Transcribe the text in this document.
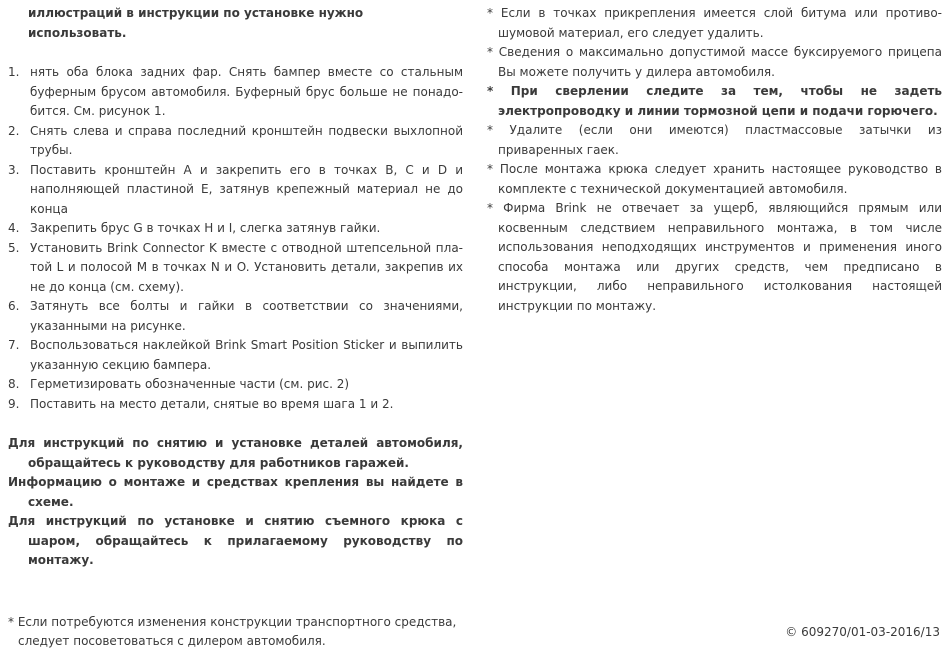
иллюстраций в инструкции по установке нужно использовать.
1. нять оба блока задних фар. Снять бампер вместе со стальным буферным брусом автомобиля. Буферный брус больше не понадо-бится. См. рисунок 1.
2. Снять слева и справа последний кронштейн подвески выхлопной трубы.
3. Поставить кронштейн A и закрепить его в точках B, C и D и наполняющей пластиной E, затянув крепежный материал не до конца
4. Закрепить брус G в точках H и I, слегка затянув гайки.
5. Установить Brink Connector K вместе с отводной штепсельной пла-той L и полосой M в точках N и O. Установить детали, закрепив их не до конца (см. схему).
6. Затянуть все болты и гайки в соответствии со значениями, указанными на рисунке.
7. Воспользоваться наклейкой Brink Smart Position Sticker и выпилить указанную секцию бампера.
8. Герметизировать обозначенные части (см. рис. 2)
9. Поставить на место детали, снятые во время шага 1 и 2.
Для инструкций по снятию и установке деталей автомобиля, обращайтесь к руководству для работников гаражей.
Информацию о монтаже и средствах крепления вы найдете в схеме.
Для инструкций по установке и снятию съемного крюка с шаром, обращайтесь к прилагаемому руководству по монтажу.
* Если потребуются изменения конструкции транспортного средства, следует посоветоваться с дилером автомобиля.
* Если в точках прикрепления имеется слой битума или противо-шумовой материал, его следует удалить.
* Сведения о максимально допустимой массе буксируемого прицепа Вы можете получить у дилера автомобиля.
* При сверлении следите за тем, чтобы не задеть электропроводку и линии тормозной цепи и подачи горючего.
* Удалите (если они имеются) пластмассовые затычки из приваренных гаек.
* После монтажа крюка следует хранить настоящее руководство в комплекте с технической документацией автомобиля.
* Фирма Brink не отвечает за ущерб, являющийся прямым или косвенным следствием неправильного монтажа, в том числе использования неподходящих инструментов и применения иного способа монтажа или других средств, чем предписано в инструкции, либо неправильного истолкования настоящей инструкции по монтажу.
© 609270/01-03-2016/13
